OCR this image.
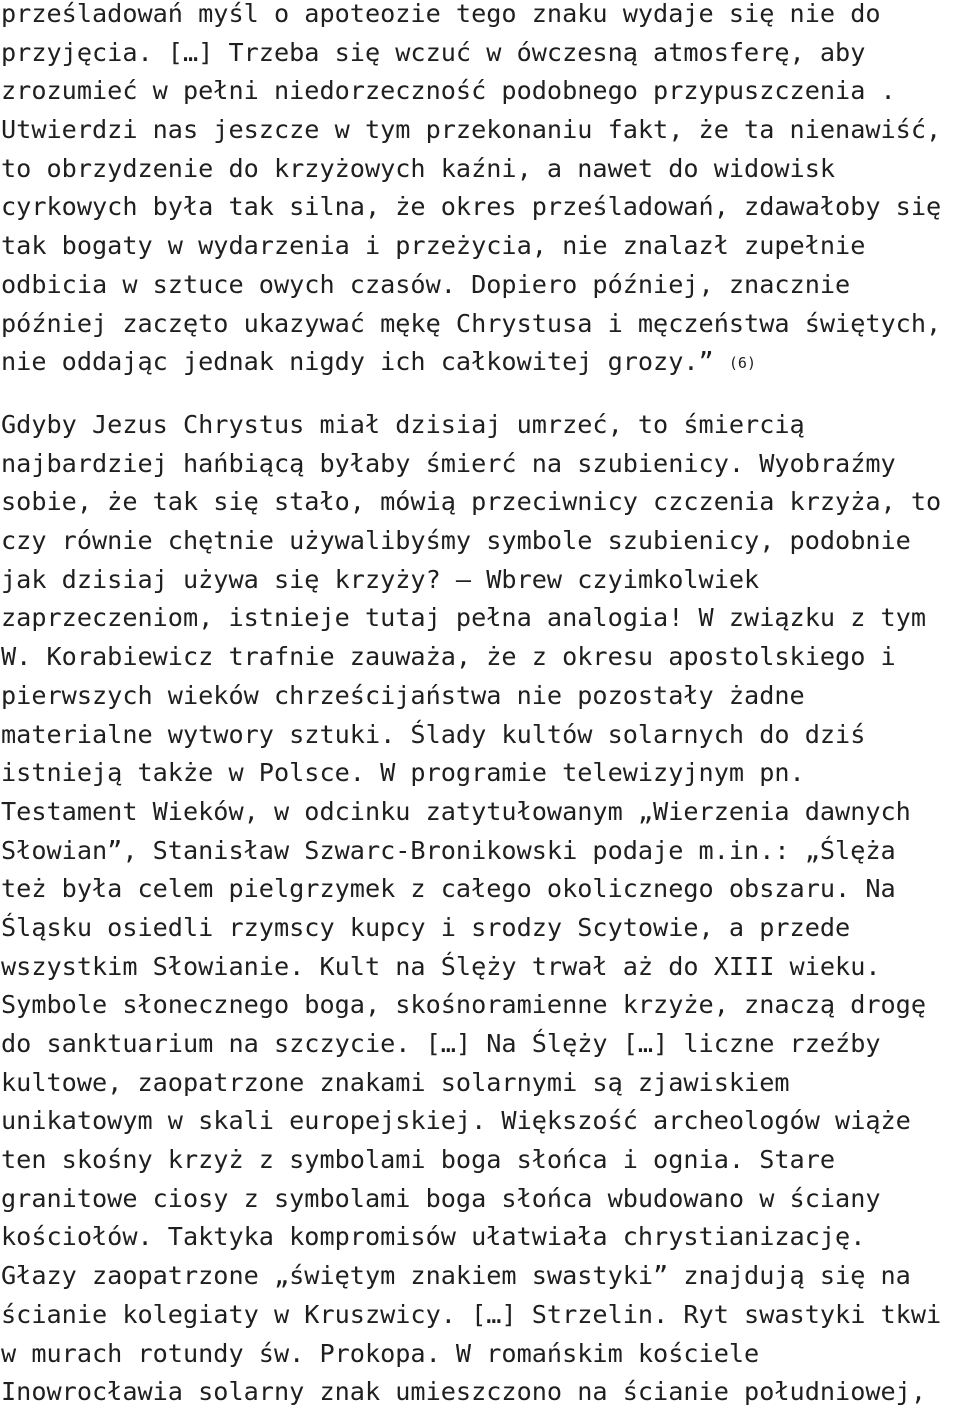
prześladowań myśl o apoteozie tego znaku wydaje się nie do
przyjęcia. […] Trzeba się wczuć w ówczesną atmosferę, aby
zrozumieć w pełni niedorzeczność podobnego przypuszczenia .
Utwierdzi nas jeszcze w tym przekonaniu fakt, że ta nienawiść,
to obrzydzenie do krzyżowych kaźni, a nawet do widowisk
cyrkowych była tak silna, że okres prześladowań, zdawałoby się
tak bogaty w wydarzenia i przeżycia, nie znalazł zupełnie
odbicia w sztuce owych czasów. Dopiero później, znacznie
później zaczęto ukazywać mękę Chrystusa i męczeństwa świętych,
nie oddając jednak nigdy ich całkowitej grozy.” (6)
Gdyby Jezus Chrystus miał dzisiaj umrzeć, to śmiercią
najbardziej hańbiącą byłaby śmierć na szubienicy. Wyobraźmy
sobie, że tak się stało, mówią przeciwnicy czczenia krzyża, to
czy równie chętnie używalibyśmy symbole szubienicy, podobnie
jak dzisiaj używa się krzyży? – Wbrew czyimkolwiek
zaprzeczeniom, istnieje tutaj pełna analogia! W związku z tym
W. Korabiewicz trafnie zauważa, że z okresu apostolskiego i
pierwszych wieków chrześcijaństwa nie pozostały żadne
materialne wytwory sztuki. Ślady kultów solarnych do dziś
istnieją także w Polsce. W programie telewizyjnym pn.
Testament Wieków, w odcinku zatytułowanym „Wierzenia dawnych
Słowian”, Stanisław Szwarc-Bronikowski podaje m.in.: „Ślęża
też była celem pielgrzymek z całego okolicznego obszaru. Na
Śląsku osiedli rzymscy kupcy i srodzy Scytowie, a przede
wszystkim Słowianie. Kult na Ślęży trwał aż do XIII wieku.
Symbole słonecznego boga, skośnoramienne krzyże, znaczą drogę
do sanktuarium na szczycie. […] Na Ślęży […] liczne rzeźby
kultowe, zaopatrzone znakami solarnymi są zjawiskiem
unikatowym w skali europejskiej. Większość archeologów wiąże
ten skośny krzyż z symbolami boga słońca i ognia. Stare
granitowe ciosy z symbolami boga słońca wbudowano w ściany
kościołów. Taktyka kompromisów ułatwiała chrystianizację.
Głazy zaopatrzone „świętym znakiem swastyki” znajdują się na
ścianie kolegiaty w Kruszwicy. […] Strzelin. Ryt swastyki tkwi
w murach rotundy św. Prokopa. W romańskim kościele
Inowrocławia solarny znak umieszczono na ścianie południowej,
